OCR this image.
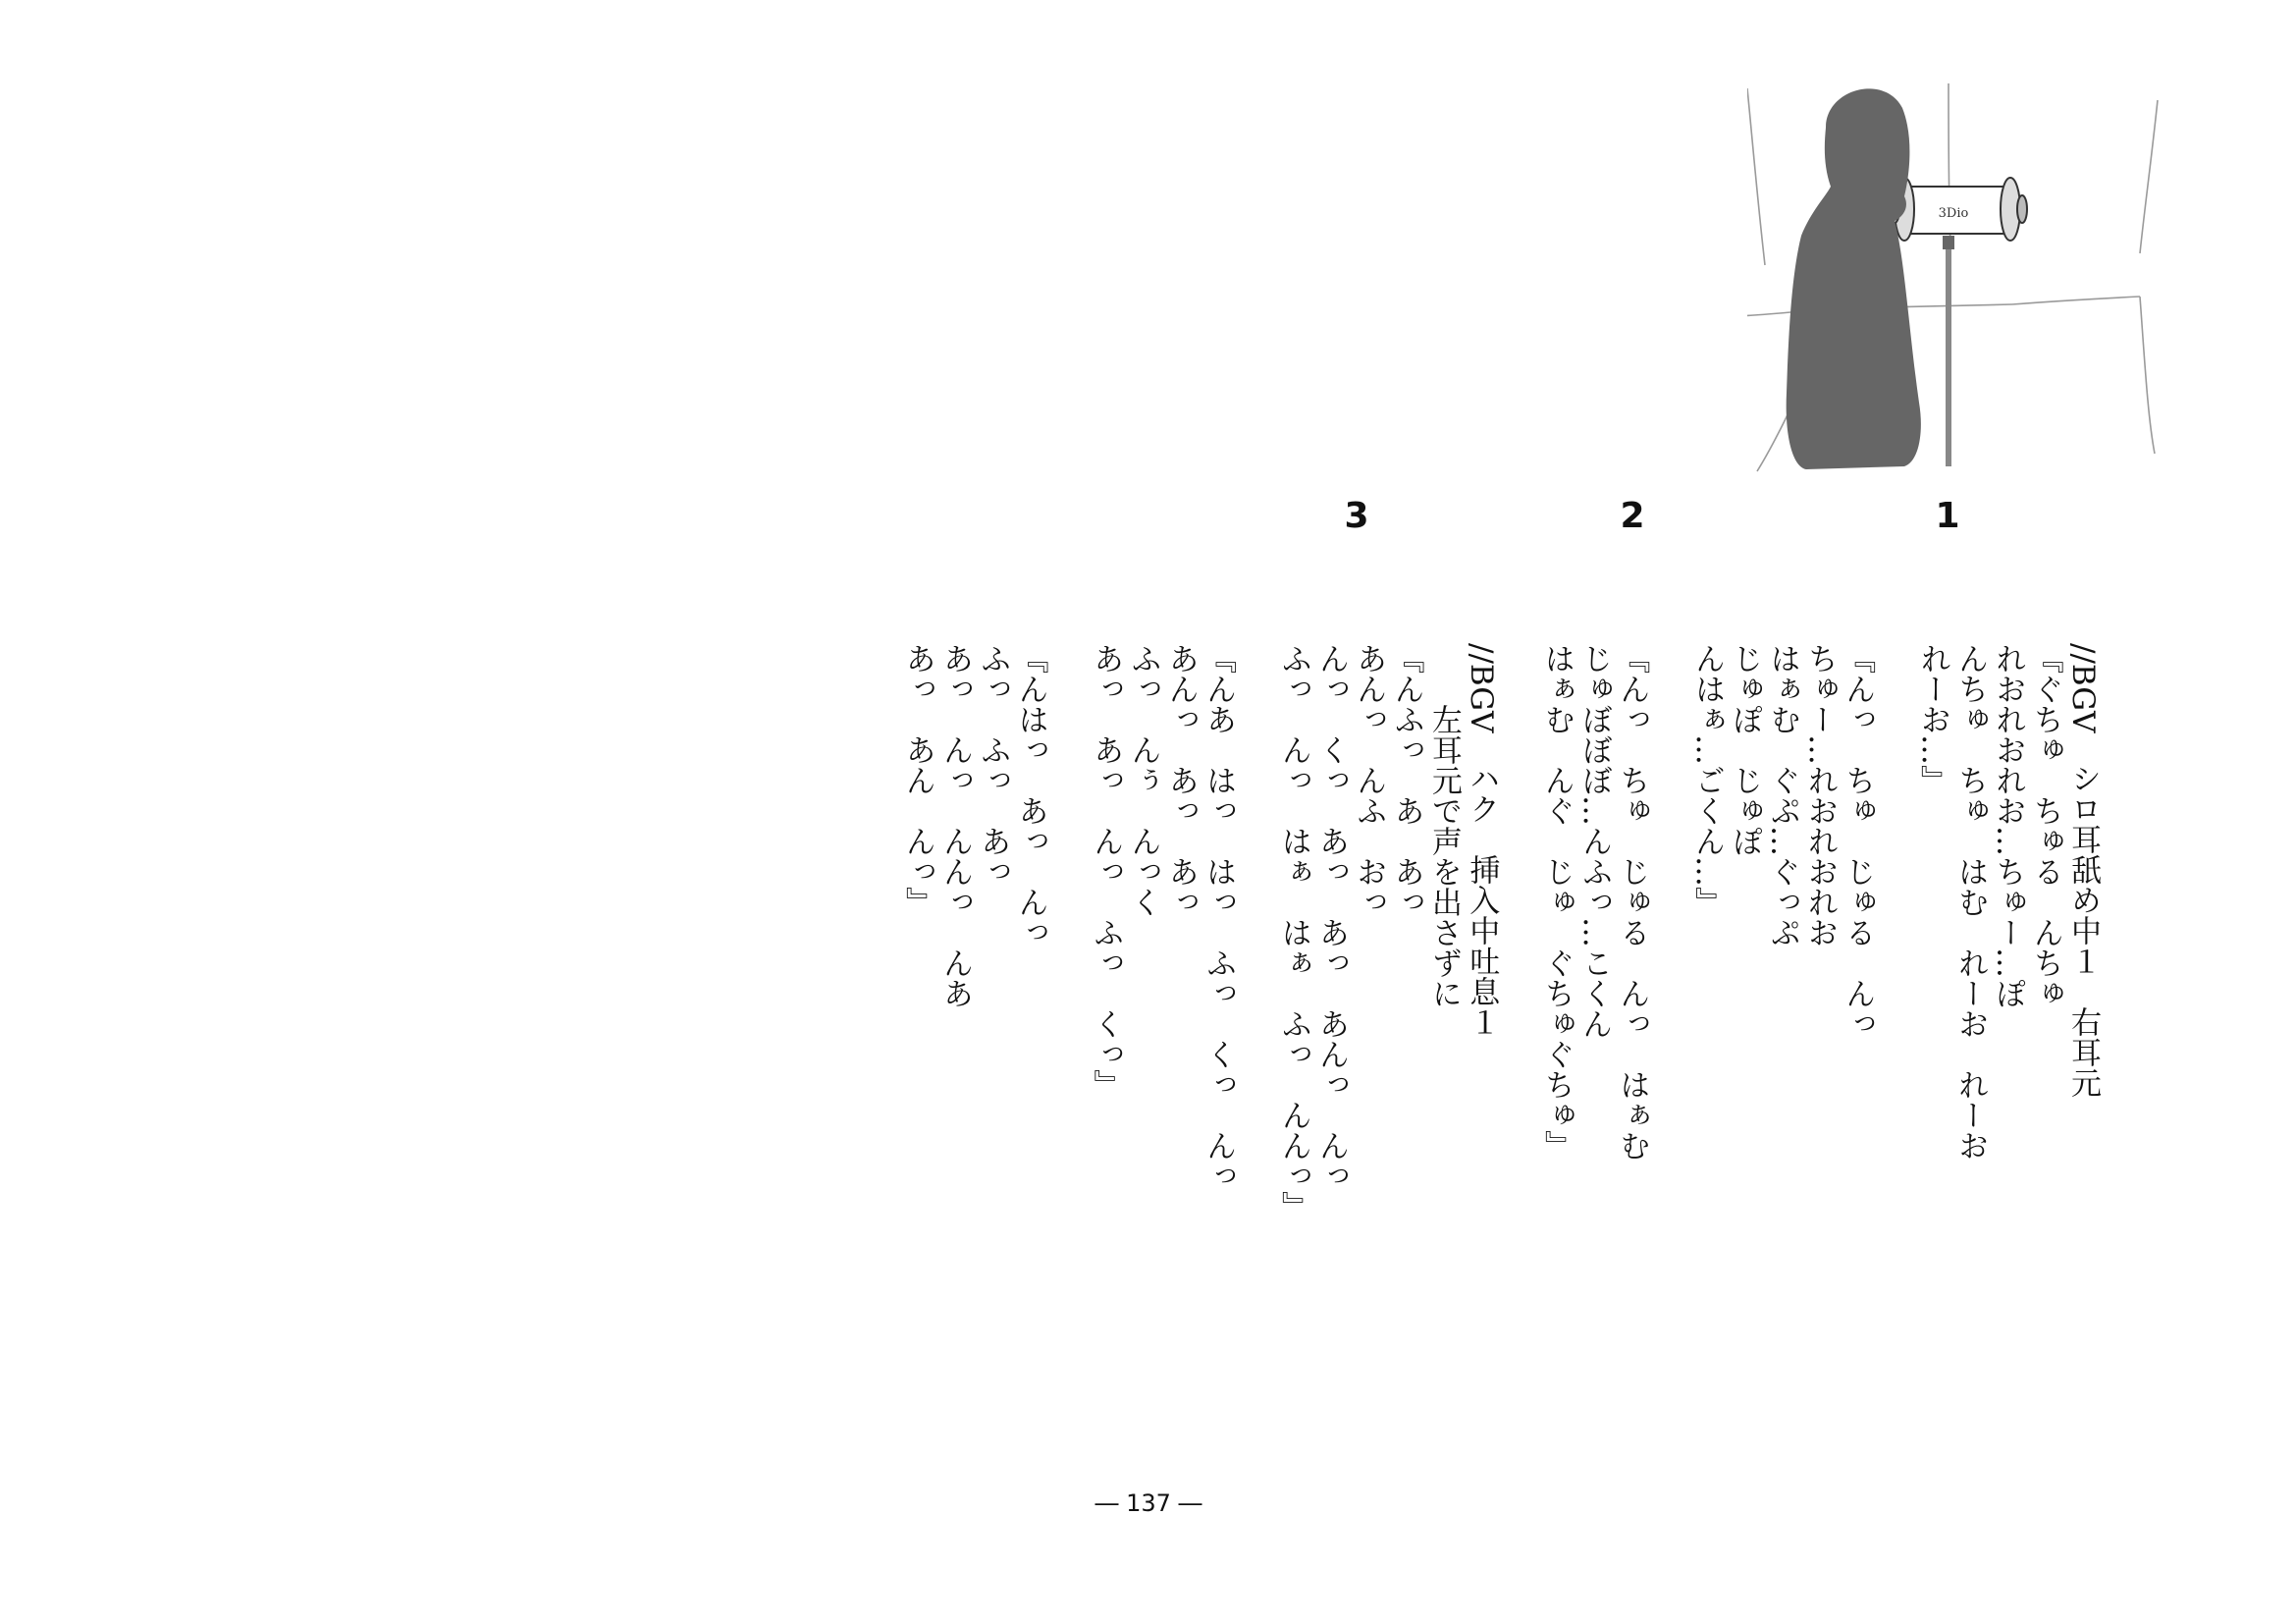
3Dio
1
2
3
//BGV　シロ耳舐め中１　右耳元
『ぐちゅ　ちゅる　んちゅ
れおれおれお…ちゅー…ぽ
んちゅ　ちゅ　はむ　れーお　れーお
れーお…』
『んっ　ちゅ　じゅる　んっ
ちゅー…れおれおれお
はぁむ　ぐぷ…ぐっぷ
じゅぽ　じゅぽ
んはぁ…ごくん…』
『んっ　ちゅ　じゅる　んっ　はぁむ
じゅぼぼぼ…んふっ…こくん
はぁむ　んぐ　じゅ　ぐちゅぐちゅ』
//BGV　ハク　挿入中吐息１
　　左耳元で声を出さずに
『んふっ　あ　あっ
あんっ　んふ　おっ
んっ　くっ　あっ　あっ　あんっ　んっ
ふっ　んっ　はぁ　はぁ　ふっ　んんっ』
『んあ　はっ　はっ　ふっ　くっ　んっ
あんっ　あっ　あっ
ふっ　んぅ　んっく
あっ　あっ　んっ　ふっ　くっ』
『んはっ　あっ　んっ
ふっ　ふっ　あっ
あっ　んっ　んんっ　んあ
あっ　あん　んっ』
― 137 ―
